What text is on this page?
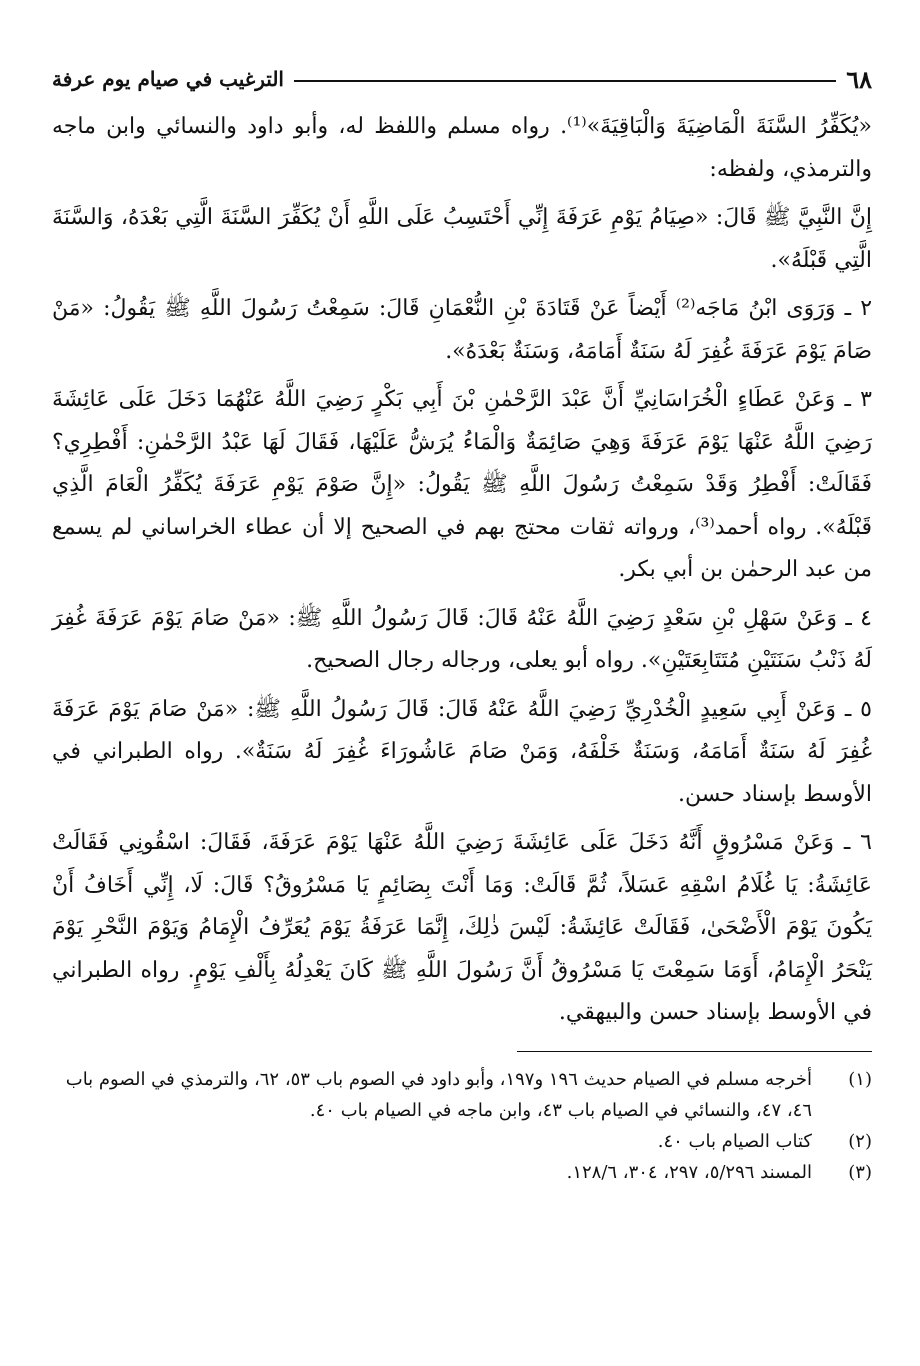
٦٨
الترغيب في صيام يوم عرفة

«يُكَفِّرُ السَّنَةَ الْمَاضِيَةَ وَالْبَاقِيَةَ»⁽¹⁾. رواه مسلم واللفظ له، وأبو داود والنسائي وابن ماجه والترمذي، ولفظه:

إِنَّ النَّبِيَّ ﷺ قَالَ: «صِيَامُ يَوْمِ عَرَفَةَ إِنِّي أَحْتَسِبُ عَلَى اللَّهِ أَنْ يُكَفِّرَ السَّنَةَ الَّتِي بَعْدَهُ، وَالسَّنَةَ الَّتِي قَبْلَهُ».

٢ ـ وَرَوَى ابْنُ مَاجَه⁽²⁾ أَيْضاً عَنْ قَتَادَةَ بْنِ النُّعْمَانِ قَالَ: سَمِعْتُ رَسُولَ اللَّهِ ﷺ يَقُولُ: «مَنْ صَامَ يَوْمَ عَرَفَةَ غُفِرَ لَهُ سَنَةٌ أَمَامَهُ، وَسَنَةٌ بَعْدَهُ».

٣ ـ وَعَنْ عَطَاءٍ الْخُرَاسَانِيِّ أَنَّ عَبْدَ الرَّحْمٰنِ بْنَ أَبِي بَكْرٍ رَضِيَ اللَّهُ عَنْهُمَا دَخَلَ عَلَى عَائِشَةَ رَضِيَ اللَّهُ عَنْهَا يَوْمَ عَرَفَةَ وَهِيَ صَائِمَةٌ وَالْمَاءُ يُرَشُّ عَلَيْهَا، فَقَالَ لَهَا عَبْدُ الرَّحْمٰنِ: أَفْطِرِي؟ فَقَالَتْ: أَفْطِرُ وَقَدْ سَمِعْتُ رَسُولَ اللَّهِ ﷺ يَقُولُ: «إِنَّ صَوْمَ يَوْمِ عَرَفَةَ يُكَفِّرُ الْعَامَ الَّذِي قَبْلَهُ». رواه أحمد⁽³⁾، ورواته ثقات محتج بهم في الصحيح إلا أن عطاء الخراساني لم يسمع من عبد الرحمٰن بن أبي بكر.

٤ ـ وَعَنْ سَهْلِ بْنِ سَعْدٍ رَضِيَ اللَّهُ عَنْهُ قَالَ: قَالَ رَسُولُ اللَّهِ ﷺ: «مَنْ صَامَ يَوْمَ عَرَفَةَ غُفِرَ لَهُ ذَنْبُ سَنَتَيْنِ مُتَتَابِعَتَيْنِ». رواه أبو يعلى، ورجاله رجال الصحيح.

٥ ـ وَعَنْ أَبِي سَعِيدٍ الْخُدْرِيِّ رَضِيَ اللَّهُ عَنْهُ قَالَ: قَالَ رَسُولُ اللَّهِ ﷺ: «مَنْ صَامَ يَوْمَ عَرَفَةَ غُفِرَ لَهُ سَنَةٌ أَمَامَهُ، وَسَنَةٌ خَلْفَهُ، وَمَنْ صَامَ عَاشُورَاءَ غُفِرَ لَهُ سَنَةٌ». رواه الطبراني في الأوسط بإسناد حسن.

٦ ـ وَعَنْ مَسْرُوقٍ أَنَّهُ دَخَلَ عَلَى عَائِشَةَ رَضِيَ اللَّهُ عَنْهَا يَوْمَ عَرَفَةَ، فَقَالَ: اسْقُونِي فَقَالَتْ عَائِشَةُ: يَا غُلَامُ اسْقِهِ عَسَلاً، ثُمَّ قَالَتْ: وَمَا أَنْتَ بِصَائِمٍ يَا مَسْرُوقُ؟ قَالَ: لَا، إِنِّي أَخَافُ أَنْ يَكُونَ يَوْمَ الْأَضْحَىٰ، فَقَالَتْ عَائِشَةُ: لَيْسَ ذٰلِكَ، إِنَّمَا عَرَفَةُ يَوْمَ يُعَرِّفُ الْإِمَامُ وَيَوْمَ النَّحْرِ يَوْمَ يَنْحَرُ الْإِمَامُ، أَوَمَا سَمِعْتَ يَا مَسْرُوقُ أَنَّ رَسُولَ اللَّهِ ﷺ كَانَ يَعْدِلُهُ بِأَلْفِ يَوْمٍ. رواه الطبراني في الأوسط بإسناد حسن والبيهقي.

(١)
أخرجه مسلم في الصيام حديث ١٩٦ و١٩٧، وأبو داود في الصوم باب ٥٣، ٦٢، والترمذي في الصوم باب ٤٦، ٤٧، والنسائي في الصيام باب ٤٣، وابن ماجه في الصيام باب ٤٠.
(٢)
كتاب الصيام باب ٤٠.
(٣)
المسند ٥/٢٩٦، ٢٩٧، ٣٠٤، ١٢٨/٦.
